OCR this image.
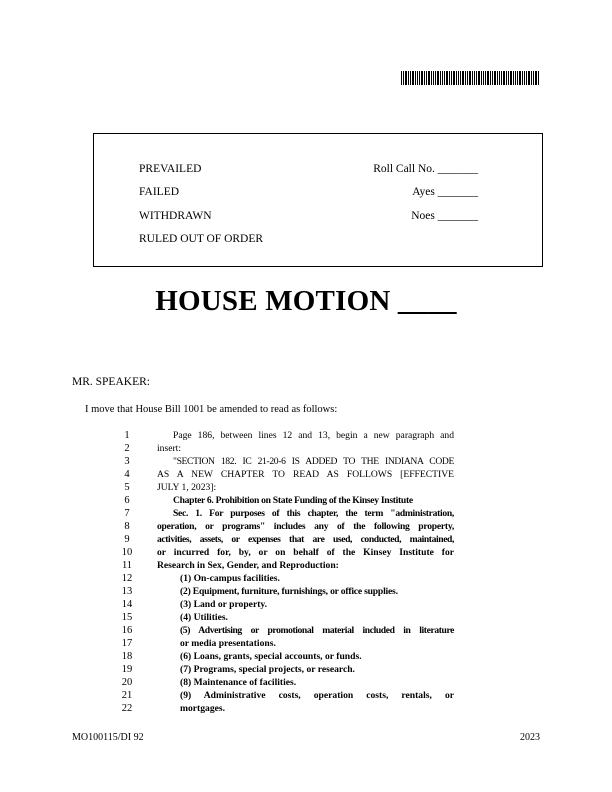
PREVAILED
FAILED
WITHDRAWN
RULED OUT OF ORDER
Roll Call No. _______
Ayes _______
Noes _______
HOUSE MOTION ____
MR. SPEAKER:
I move that House Bill 1001 be amended to read as follows:
1	Page 186, between lines 12 and 13, begin a new paragraph and
2	insert:
3	"SECTION 182. IC 21-20-6 IS ADDED TO THE INDIANA CODE
4	AS A NEW CHAPTER TO READ AS FOLLOWS [EFFECTIVE
5	JULY 1, 2023]:
6	Chapter 6. Prohibition on State Funding of the Kinsey Institute
7	Sec. 1. For purposes of this chapter, the term "administration,
8	operation, or programs" includes any of the following property,
9	activities, assets, or expenses that are used, conducted, maintained,
10	or incurred for, by, or on behalf of the Kinsey Institute for
11	Research in Sex, Gender, and Reproduction:
12	(1) On-campus facilities.
13	(2) Equipment, furniture, furnishings, or office supplies.
14	(3) Land or property.
15	(4) Utilities.
16	(5) Advertising or promotional material included in literature
17	or media presentations.
18	(6) Loans, grants, special accounts, or funds.
19	(7) Programs, special projects, or research.
20	(8) Maintenance of facilities.
21	(9) Administrative costs, operation costs, rentals, or
22	mortgages.
MO100115/DI 92	2023
